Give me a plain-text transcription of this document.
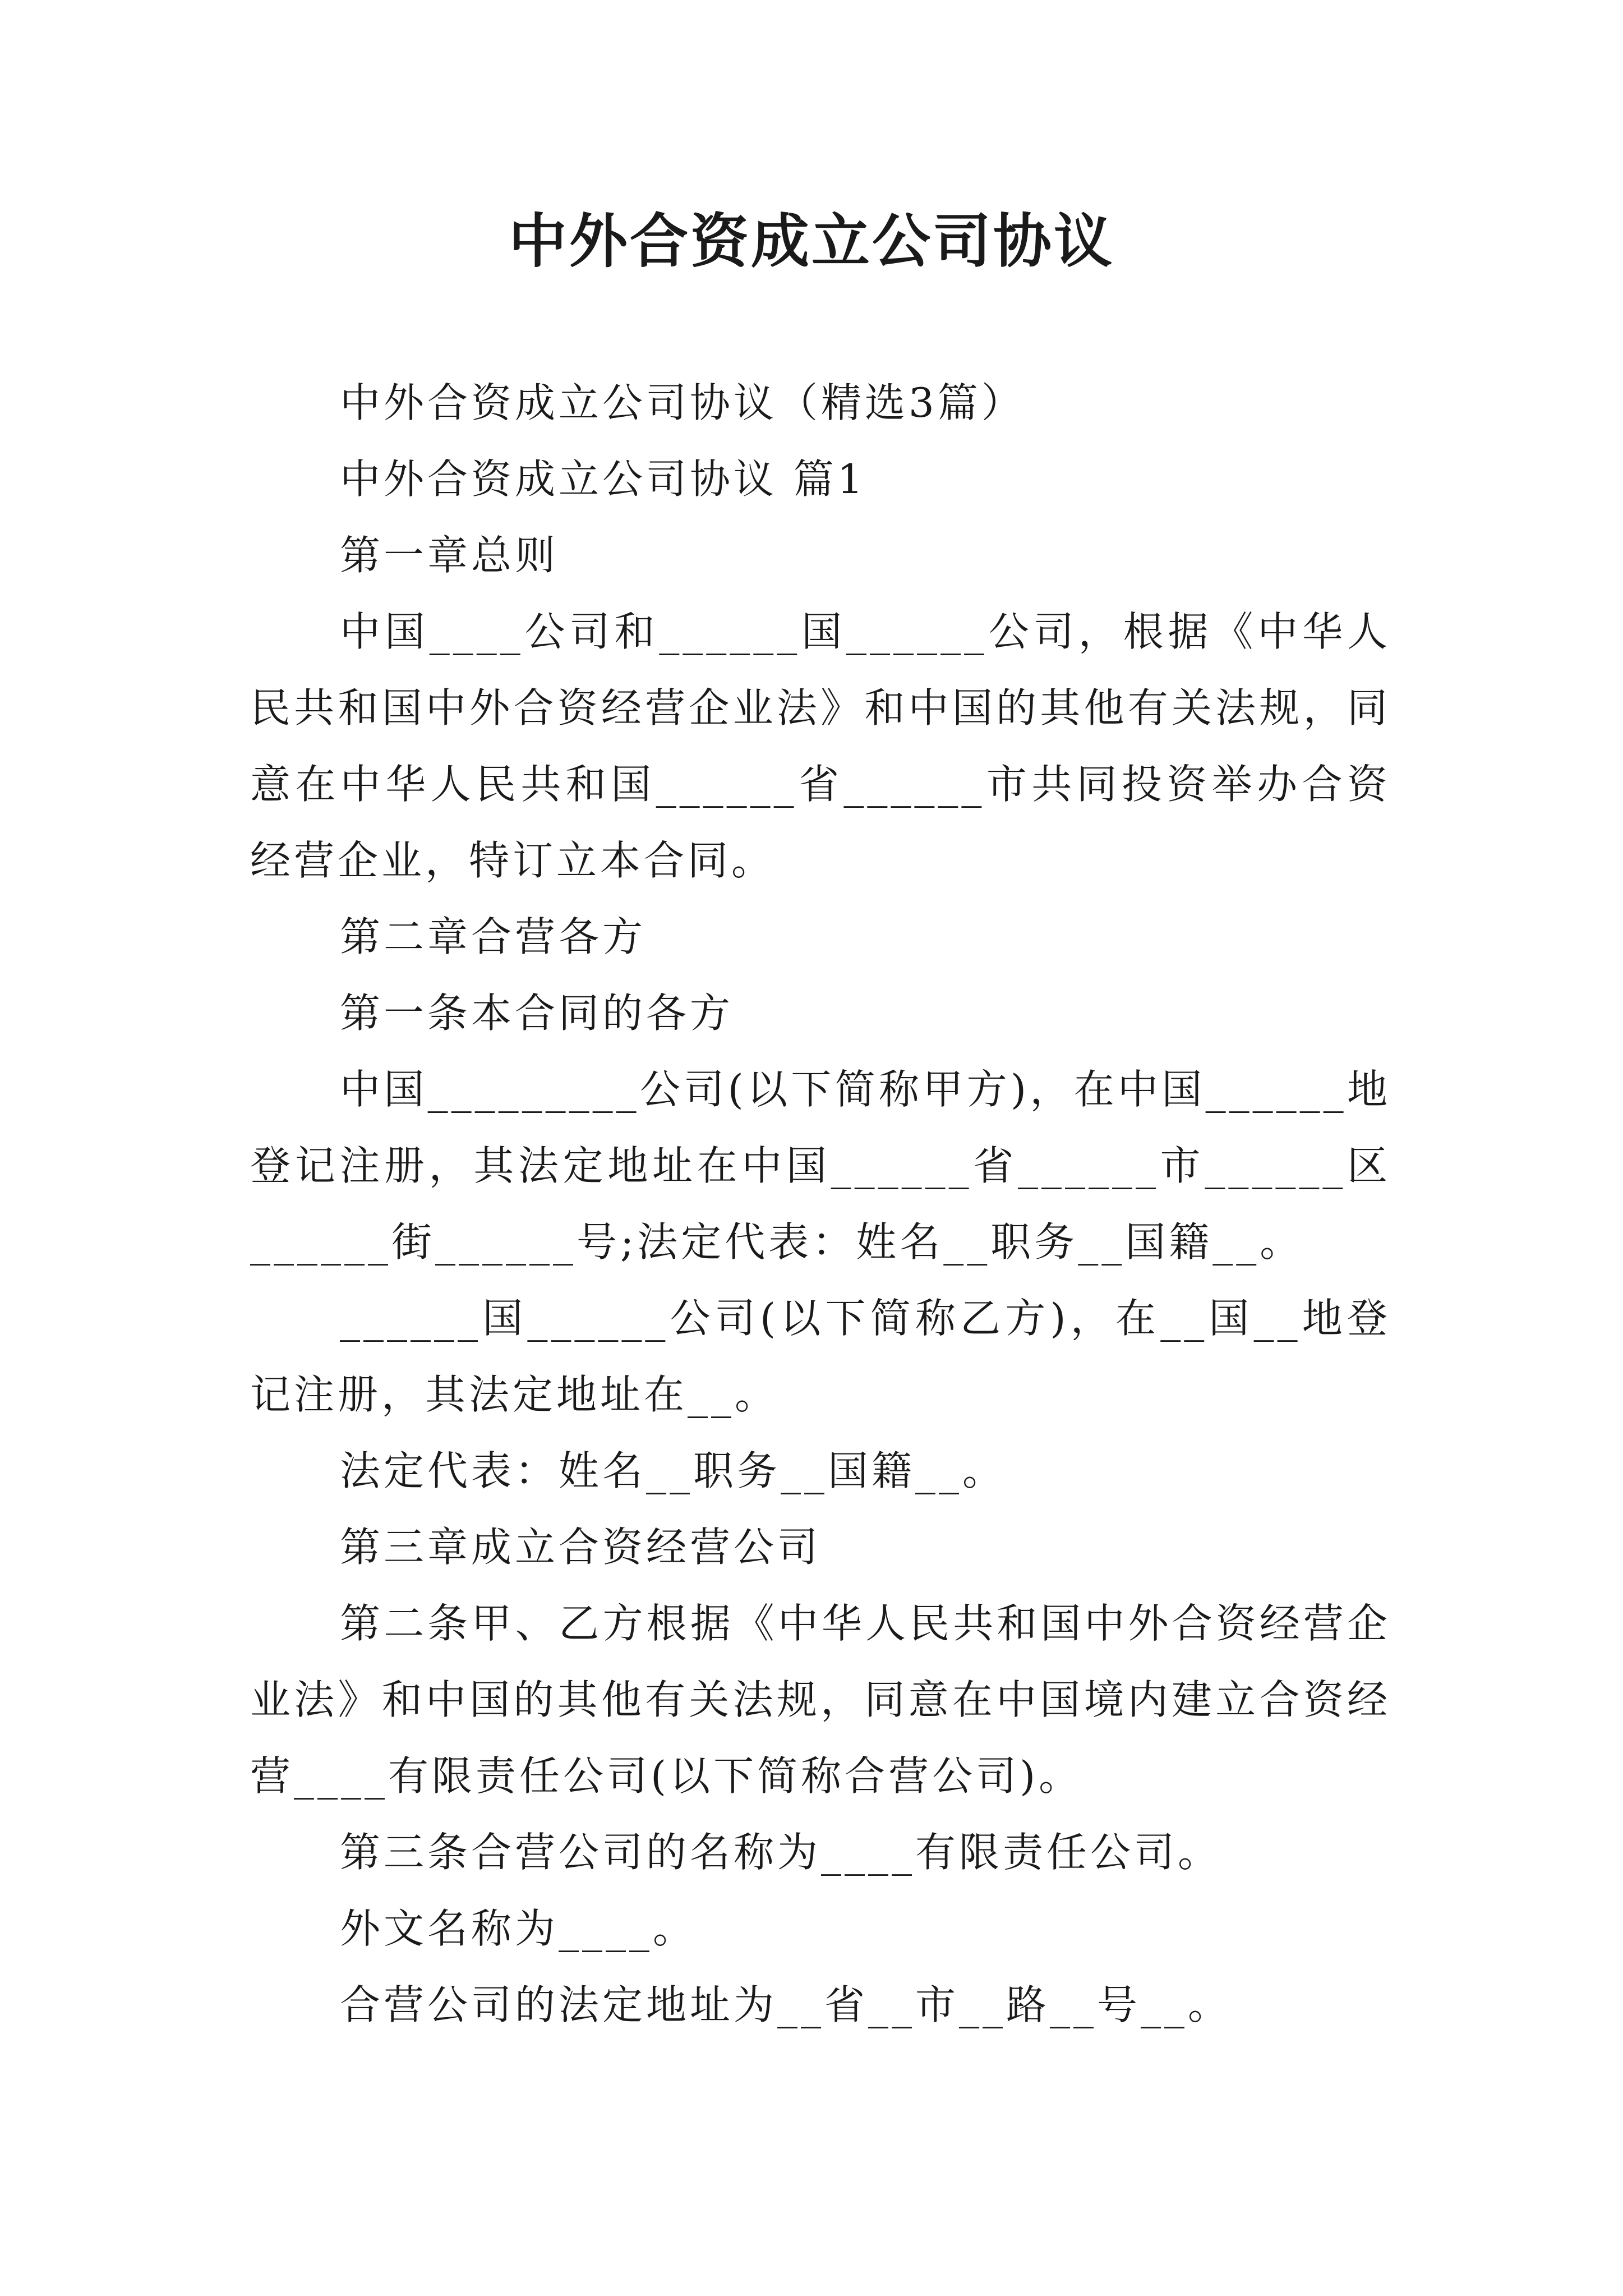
中外合资成立公司协议

中外合资成立公司协议（精选3篇）

中外合资成立公司协议 篇1

第一章总则

中国____公司和______国______公司，根据《中华人民共和国中外合资经营企业法》和中国的其他有关法规，同意在中华人民共和国______省______市共同投资举办合资经营企业，特订立本合同。

第二章合营各方

第一条本合同的各方

中国_________公司(以下简称甲方)，在中国______地登记注册，其法定地址在中国______省______市______区______街______号;法定代表：姓名__职务__国籍__。

______国______公司(以下简称乙方)，在__国__地登记注册，其法定地址在__。

法定代表：姓名__职务__国籍__。

第三章成立合资经营公司

第二条甲、乙方根据《中华人民共和国中外合资经营企业法》和中国的其他有关法规，同意在中国境内建立合资经营____有限责任公司(以下简称合营公司)。

第三条合营公司的名称为____有限责任公司。

外文名称为____。

合营公司的法定地址为__省__市__路__号__。
